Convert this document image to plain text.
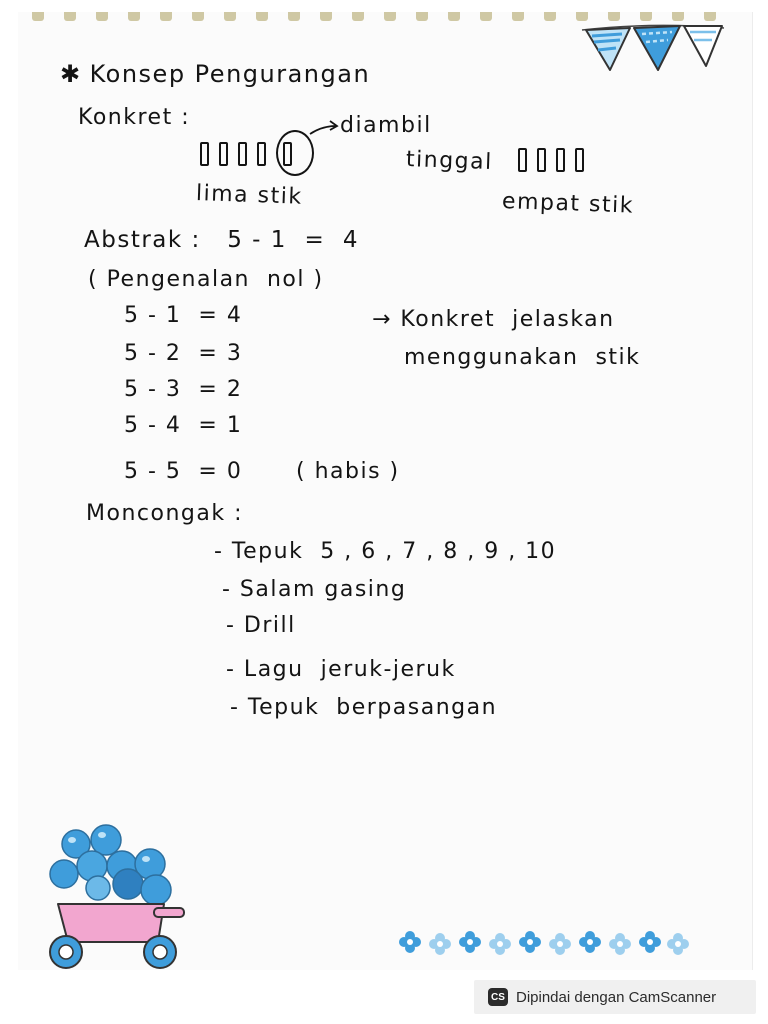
✱ Konsep Pengurangan
Konkret :	diambil
tinggal
lima stik	empat stik
Abstrak :   5 - 1  =  4
( Pengenalan  nol )
5 - 1  = 4
5 - 2  = 3
5 - 3  = 2
5 - 4  = 1
5 - 5  = 0 ( habis )
→ Konkret  jelaskan
menggunakan  stik
Moncongak :
- Tepuk  5 , 6 , 7 , 8 , 9 , 10
- Salam gasing
- Drill
- Lagu  jeruk-jeruk
- Tepuk  berpasangan
CS Dipindai dengan CamScanner
